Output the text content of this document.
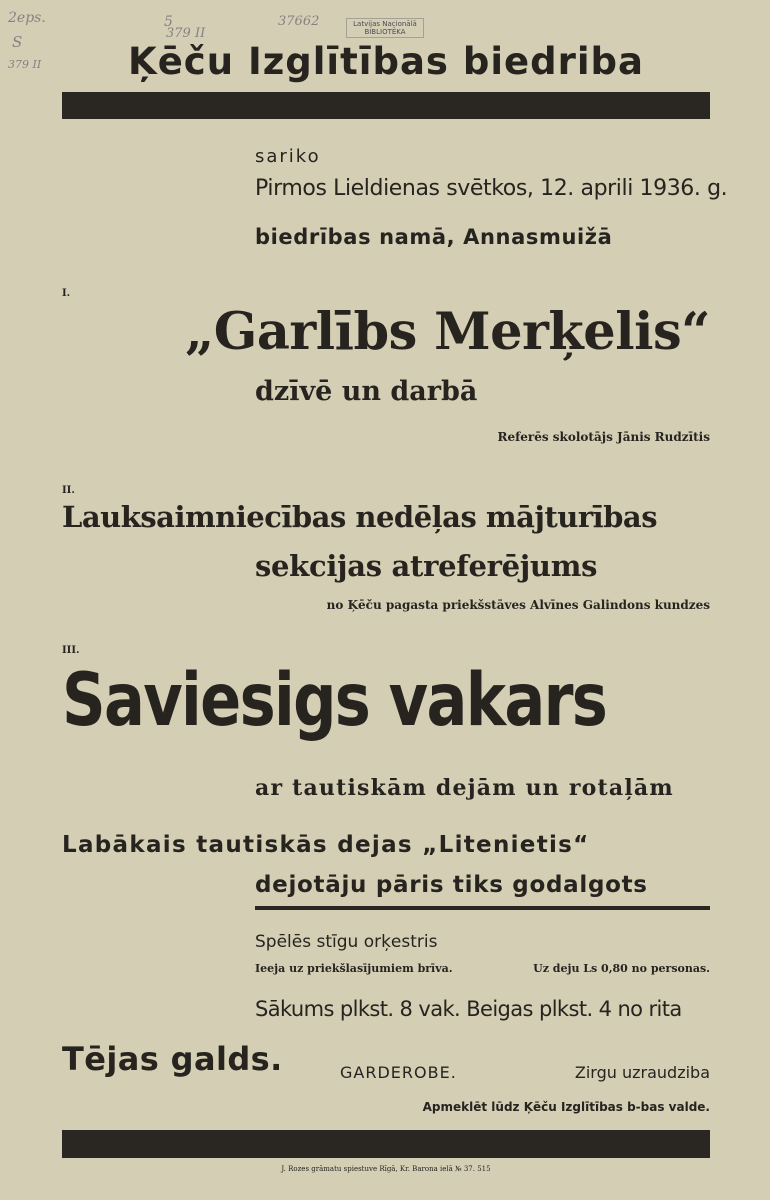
2eps.
S
379 II
5
379 II
37662	Latvijas Nacionālā
BIBLIOTĒKA
Ķēču Izglītības biedriba
sariko
Pirmos Lieldienas svētkos, 12. aprili 1936. g.
biedrības namā, Annasmuižā
I.
„Garlībs Merķelis“
dzīvē un darbā
Referēs skolotājs Jānis Rudzītis
II.
Lauksaimniecības nedēļas mājturības
sekcijas atreferējums
no Ķēču pagasta priekšstāves Alvīnes Galindons kundzes
III.
Saviesigs vakars
ar tautiskām dejām un rotaļām
Labākais tautiskās dejas „Litenietis“
dejotāju pāris tiks godalgots
Spēlēs stīgu orķestris
Ieeja uz priekšlasījumiem brīva.	Uz deju Ls 0,80 no personas.
Sākums plkst. 8 vak. Beigas plkst. 4 no rita
Tējas galds.	GARDEROBE.	Zirgu uzraudziba
Apmeklēt lūdz Ķēču Izglītības b-bas valde.
J. Rozes grāmatu spiestuve Rīgā, Kr. Barona ielā № 37. 515
